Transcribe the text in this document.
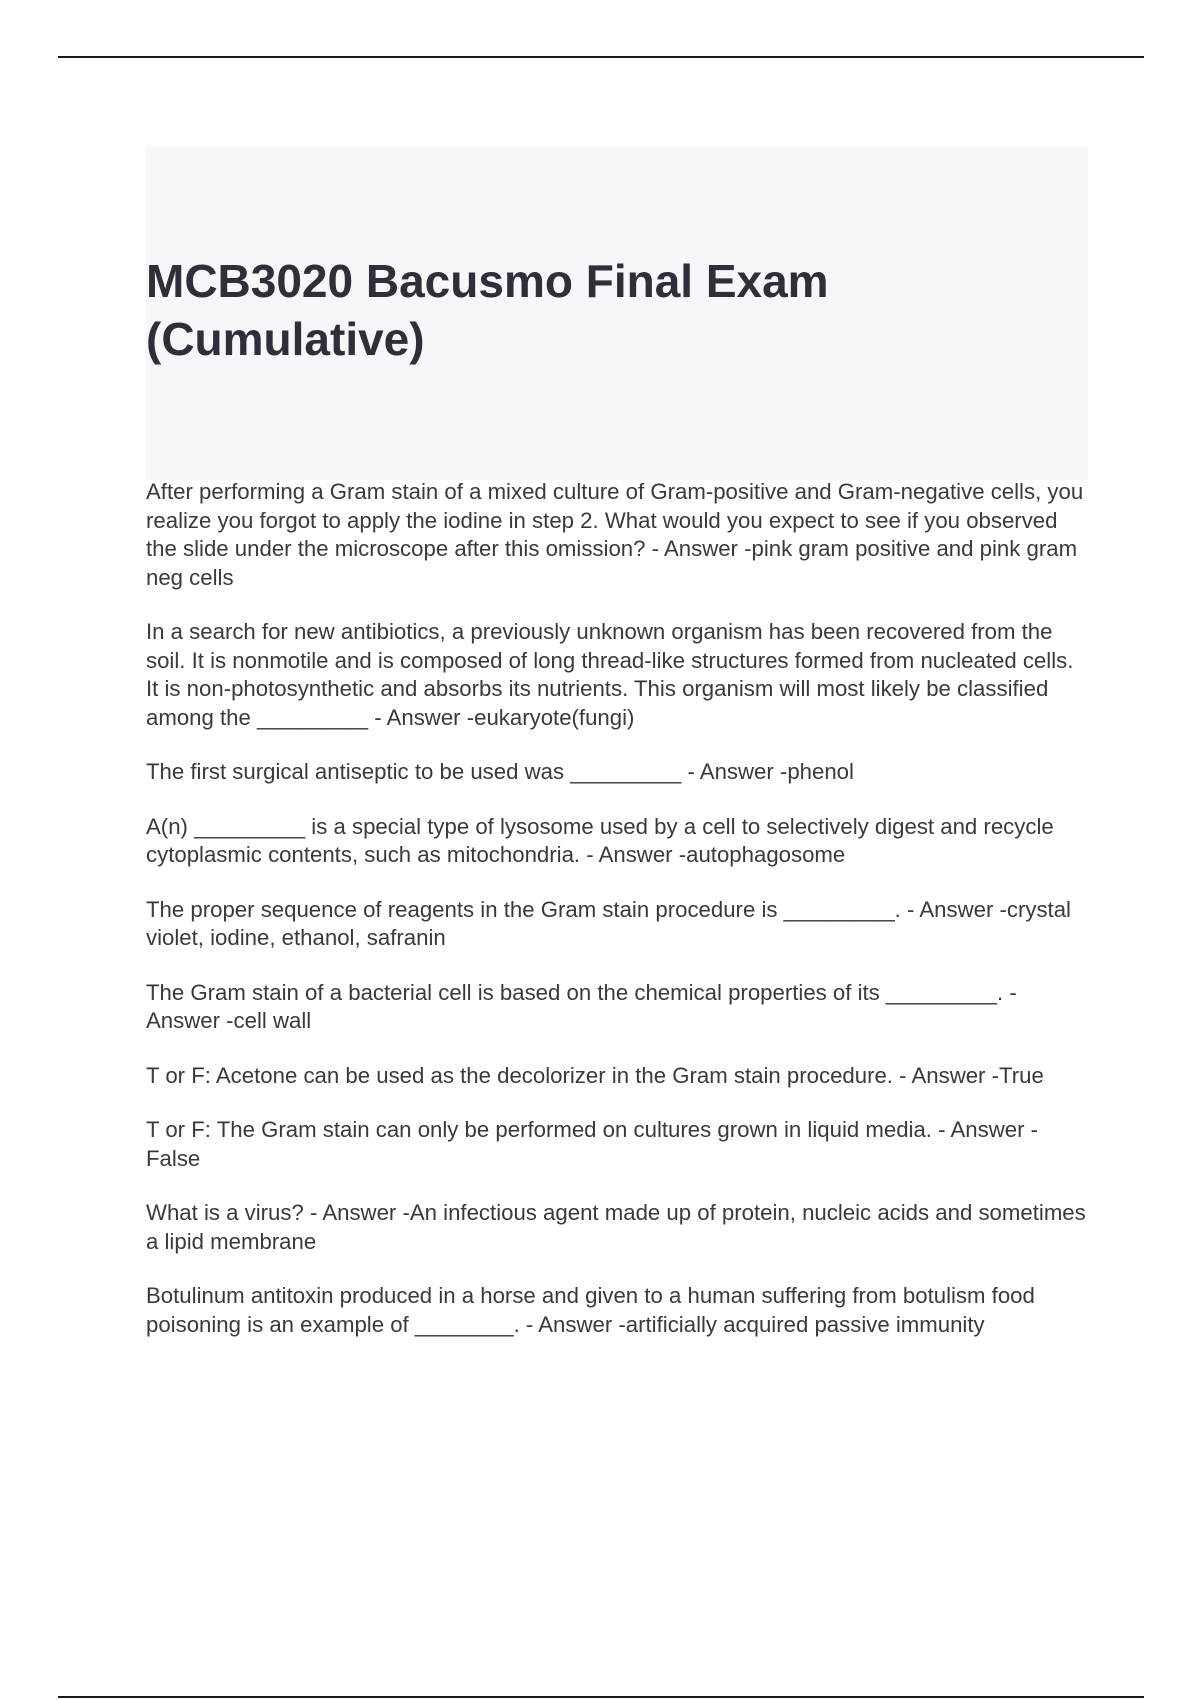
MCB3020 Bacusmo Final Exam (Cumulative)
After performing a Gram stain of a mixed culture of Gram-positive and Gram-negative cells, you realize you forgot to apply the iodine in step 2. What would you expect to see if you observed the slide under the microscope after this omission? - Answer -pink gram positive and pink gram neg cells
In a search for new antibiotics, a previously unknown organism has been recovered from the soil. It is nonmotile and is composed of long thread-like structures formed from nucleated cells. It is non-photosynthetic and absorbs its nutrients. This organism will most likely be classified among the _________ - Answer -eukaryote(fungi)
The first surgical antiseptic to be used was _________ - Answer -phenol
A(n) _________ is a special type of lysosome used by a cell to selectively digest and recycle cytoplasmic contents, such as mitochondria. - Answer -autophagosome
The proper sequence of reagents in the Gram stain procedure is _________. - Answer -crystal violet, iodine, ethanol, safranin
The Gram stain of a bacterial cell is based on the chemical properties of its _________. - Answer -cell wall
T or F: Acetone can be used as the decolorizer in the Gram stain procedure. - Answer -True
T or F: The Gram stain can only be performed on cultures grown in liquid media. - Answer -False
What is a virus? - Answer -An infectious agent made up of protein, nucleic acids and sometimes a lipid membrane
Botulinum antitoxin produced in a horse and given to a human suffering from botulism food poisoning is an example of ________. - Answer -artificially acquired passive immunity
